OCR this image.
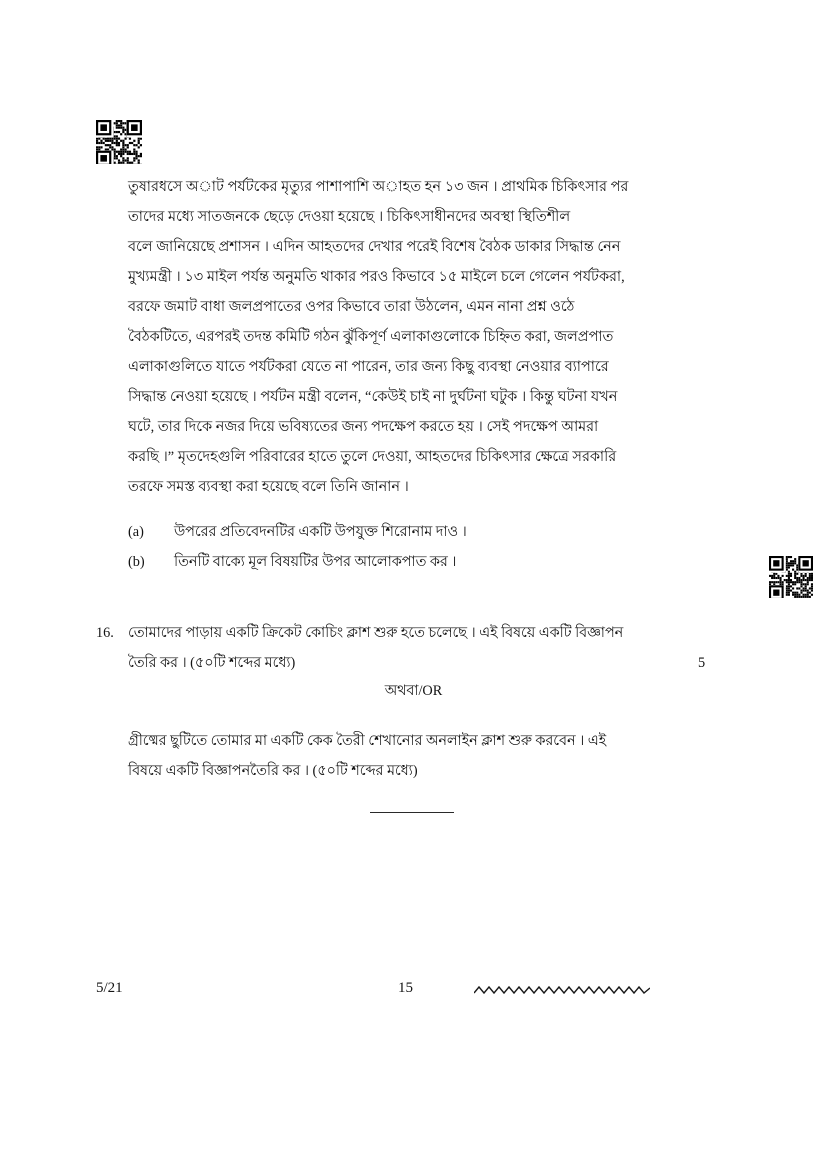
তুষারধসে অাট পর্যটকের মৃত্যুর পাশাপাশি অাহত হন ১৩ জন । প্রাথমিক চিকিৎসার পর
তাদের মধ্যে সাতজনকে ছেড়ে দেওয়া হয়েছে । চিকিৎসাধীনদের অবস্থা স্থিতিশীল
বলে জানিয়েছে প্রশাসন । এদিন আহতদের দেখার পরেই বিশেষ বৈঠক ডাকার সিদ্ধান্ত নেন
মুখ্যমন্ত্রী । ১৩ মাইল পর্যন্ত অনুমতি থাকার পরও কিভাবে ১৫ মাইলে চলে গেলেন পর্যটকরা,
বরফে জমাট বাধা জলপ্রপাতের ওপর কিভাবে তারা উঠলেন, এমন নানা প্রশ্ন ওঠে
বৈঠকটিতে, এরপরই তদন্ত কমিটি গঠন ঝুঁকিপূর্ণ এলাকাগুলোকে চিহ্নিত করা, জলপ্রপাত
এলাকাগুলিতে যাতে পর্যটকরা যেতে না পারেন, তার জন্য কিছু ব্যবস্থা নেওয়ার ব্যাপারে
সিদ্ধান্ত নেওয়া হয়েছে । পর্যটন মন্ত্রী বলেন, “কেউই চাই না দুর্ঘটনা ঘটুক । কিন্তু ঘটনা যখন
ঘটে, তার দিকে নজর দিয়ে ভবিষ্যতের জন্য পদক্ষেপ করতে হয় । সেই পদক্ষেপ আমরা
করছি ।” মৃতদেহগুলি পরিবারের হাতে তুলে দেওয়া, আহতদের চিকিৎসার ক্ষেত্রে সরকারি
তরফে সমস্ত ব্যবস্থা করা হয়েছে বলে তিনি জানান ।
(a)	উপরের প্রতিবেদনটির একটি উপযুক্ত শিরোনাম দাও ।
(b)	তিনটি বাক্যে মূল বিষয়টির উপর আলোকপাত কর ।
16. তোমাদের পাড়ায় একটি ক্রিকেট কোচিং ক্লাশ শুরু হতে চলেছে । এই বিষয়ে একটি বিজ্ঞাপন
তৈরি কর । (৫০টি শব্দের মধ্যে)	5
অথবা/OR
গ্রীষ্মের ছুটিতে তোমার মা একটি কেক তৈরী শেখানোর অনলাইন ক্লাশ শুরু করবেন । এই
বিষয়ে একটি বিজ্ঞাপনতৈরি কর । (৫০টি শব্দের মধ্যে)
5/21	15
